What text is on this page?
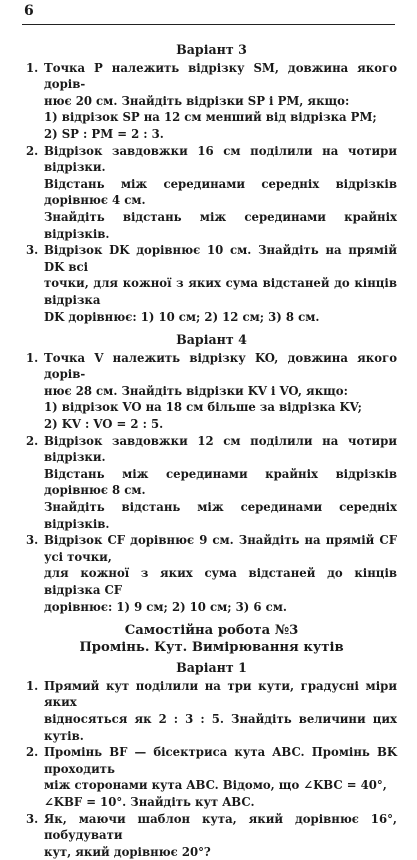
6
Варіант 3
1. Точка P належить відрізку SM, довжина якого дорів-
нює 20 см. Знайдіть відрізки SP і PM, якщо:
1) відрізок SP на 12 см менший від відрізка PM;
2) SP : PM = 2 : 3.
2. Відрізок завдовжки 16 см поділили на чотири відрізки.
Відстань між серединами середніх відрізків дорівнює 4 см.
Знайдіть відстань між серединами крайніх відрізків.
3. Відрізок DK дорівнює 10 см. Знайдіть на прямій DK всі
точки, для кожної з яких сума відстаней до кінців відрізка
DK дорівнює: 1) 10 см; 2) 12 см; 3) 8 см.
Варіант 4
1. Точка V належить відрізку KO, довжина якого дорів-
нює 28 см. Знайдіть відрізки KV і VO, якщо:
1) відрізок VO на 18 см більше за відрізка KV;
2) KV : VO = 2 : 5.
2. Відрізок завдовжки 12 см поділили на чотири відрізки.
Відстань між серединами крайніх відрізків дорівнює 8 см.
Знайдіть відстань між серединами середніх відрізків.
3. Відрізок CF дорівнює 9 см. Знайдіть на прямій CF усі точки,
для кожної з яких сума відстаней до кінців відрізка CF
дорівнює: 1) 9 см; 2) 10 см; 3) 6 см.
Самостійна робота №3
Промінь. Кут. Вимірювання кутів
Варіант 1
1. Прямий кут поділили на три кути, градусні міри яких
відносяться як 2 : 3 : 5. Знайдіть величини цих кутів.
2. Промінь BF — бісектриса кута ABC. Промінь BK проходить
між сторонами кута ABC. Відомо, що ∠KBC = 40°,
∠KBF = 10°. Знайдіть кут ABC.
3. Як, маючи шаблон кута, який дорівнює 16°, побудувати
кут, який дорівнює 20°?
